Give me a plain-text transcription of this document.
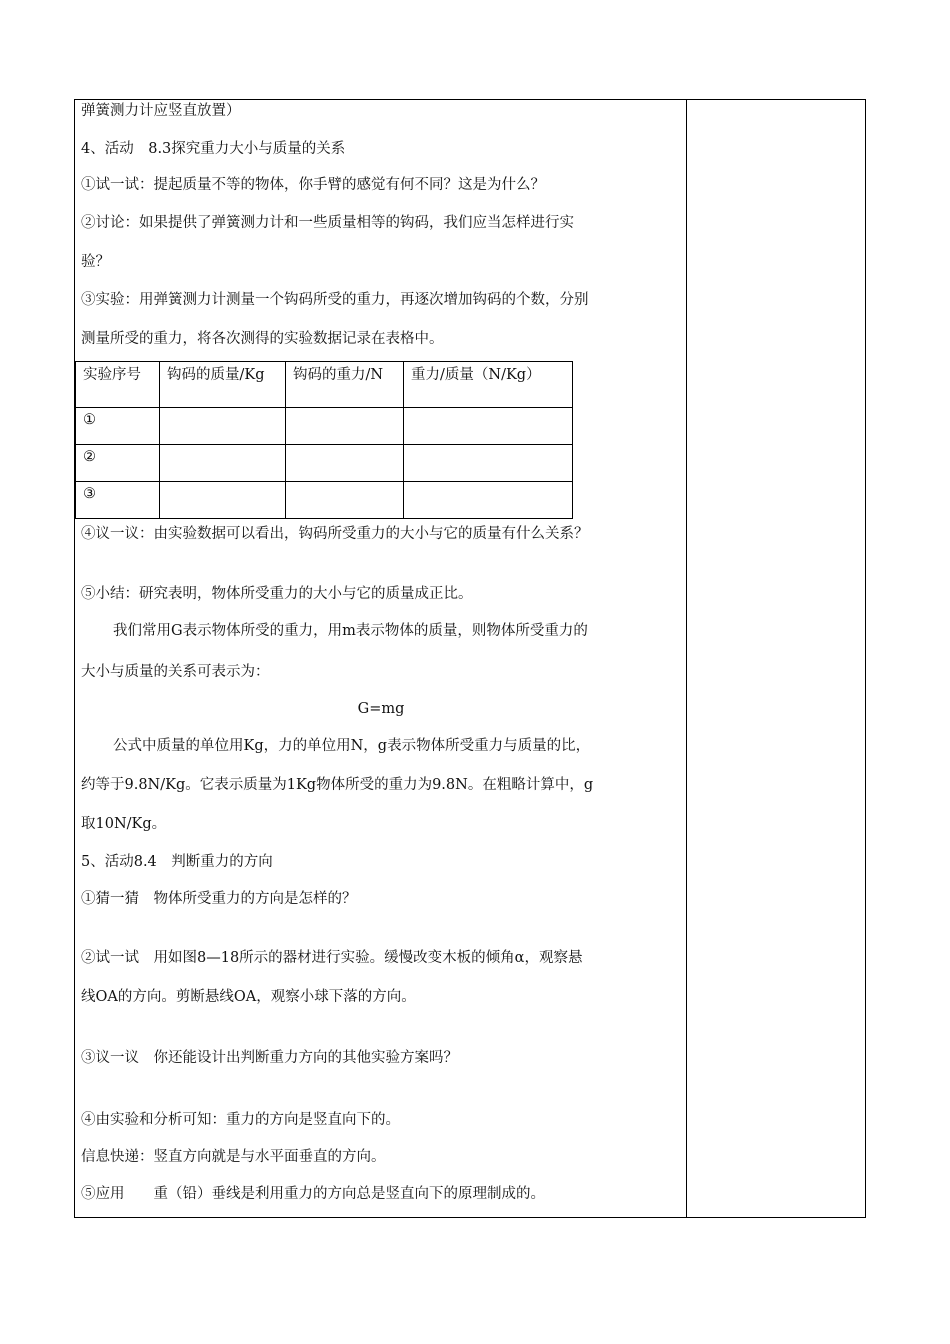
弹簧测力计应竖直放置）
4、活动　8.3探究重力大小与质量的关系
①试一试：提起质量不等的物体，你手臂的感觉有何不同？这是为什么？
②讨论：如果提供了弹簧测力计和一些质量相等的钩码，我们应当怎样进行实
验？
③实验：用弹簧测力计测量一个钩码所受的重力，再逐次增加钩码的个数，分别
测量所受的重力，将各次测得的实验数据记录在表格中。
实验序号	钩码的质量/Kg	钩码的重力/N	重力/质量（N/Kg）
①			
②			
③			
④议一议：由实验数据可以看出，钩码所受重力的大小与它的质量有什么关系？
⑤小结：研究表明，物体所受重力的大小与它的质量成正比。
我们常用G表示物体所受的重力，用m表示物体的质量，则物体所受重力的
大小与质量的关系可表示为：
G=mg
公式中质量的单位用Kg，力的单位用N，g表示物体所受重力与质量的比，
约等于9.8N/Kg。它表示质量为1Kg物体所受的重力为9.8N。在粗略计算中，g
取10N/Kg。
5、活动8.4　判断重力的方向
①猜一猜　物体所受重力的方向是怎样的？
②试一试　用如图8—18所示的器材进行实验。缓慢改变木板的倾角α，观察悬
线OA的方向。剪断悬线OA，观察小球下落的方向。
③议一议　你还能设计出判断重力方向的其他实验方案吗？
④由实验和分析可知：重力的方向是竖直向下的。
信息快递：竖直方向就是与水平面垂直的方向。
⑤应用　　重（铅）垂线是利用重力的方向总是竖直向下的原理制成的。
